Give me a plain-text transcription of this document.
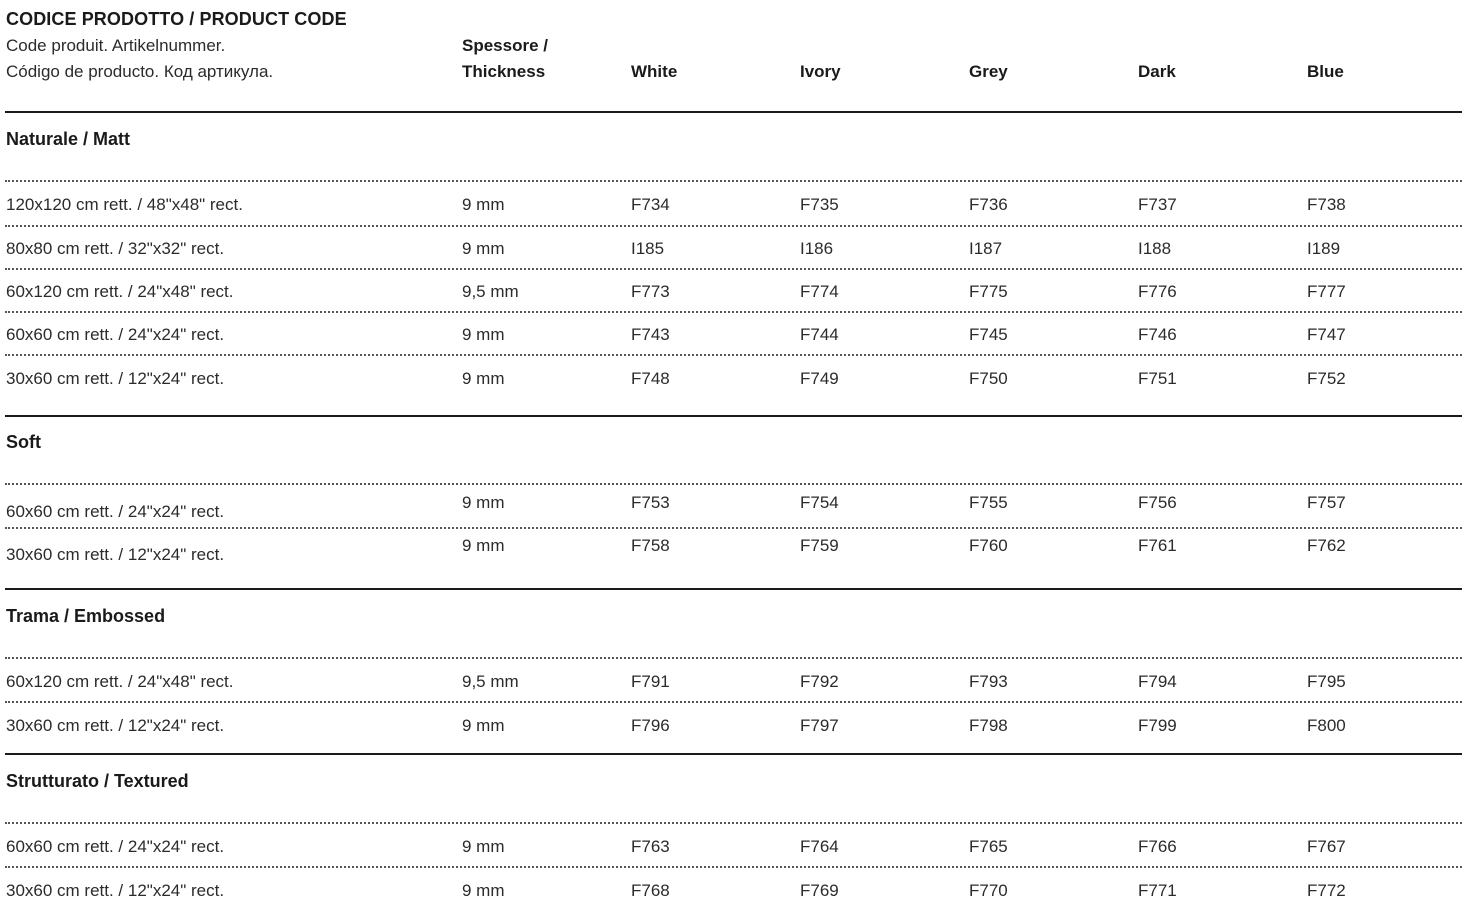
CODICE PRODOTTO / PRODUCT CODE
Code produit. Artikelnummer.
Código de producto. Код артикула.
Spessore /
Thickness	White	Ivory	Grey	Dark	Blue
Naturale / Matt
120x120 cm rett. / 48"x48" rect.	9 mm	F734	F735	F736	F737	F738
80x80 cm rett. / 32"x32" rect.	9 mm	I185	I186	I187	I188	I189
60x120 cm rett. / 24"x48" rect.	9,5 mm	F773	F774	F775	F776	F777
60x60 cm rett. / 24"x24" rect.	9 mm	F743	F744	F745	F746	F747
30x60 cm rett. / 12"x24" rect.	9 mm	F748	F749	F750	F751	F752
Soft
60x60 cm rett. / 24"x24" rect.	9 mm	F753	F754	F755	F756	F757
30x60 cm rett. / 12"x24" rect.	9 mm	F758	F759	F760	F761	F762
Trama / Embossed
60x120 cm rett. / 24"x48" rect.	9,5 mm	F791	F792	F793	F794	F795
30x60 cm rett. / 12"x24" rect.	9 mm	F796	F797	F798	F799	F800
Strutturato / Textured
60x60 cm rett. / 24"x24" rect.	9 mm	F763	F764	F765	F766	F767
30x60 cm rett. / 12"x24" rect.	9 mm	F768	F769	F770	F771	F772
